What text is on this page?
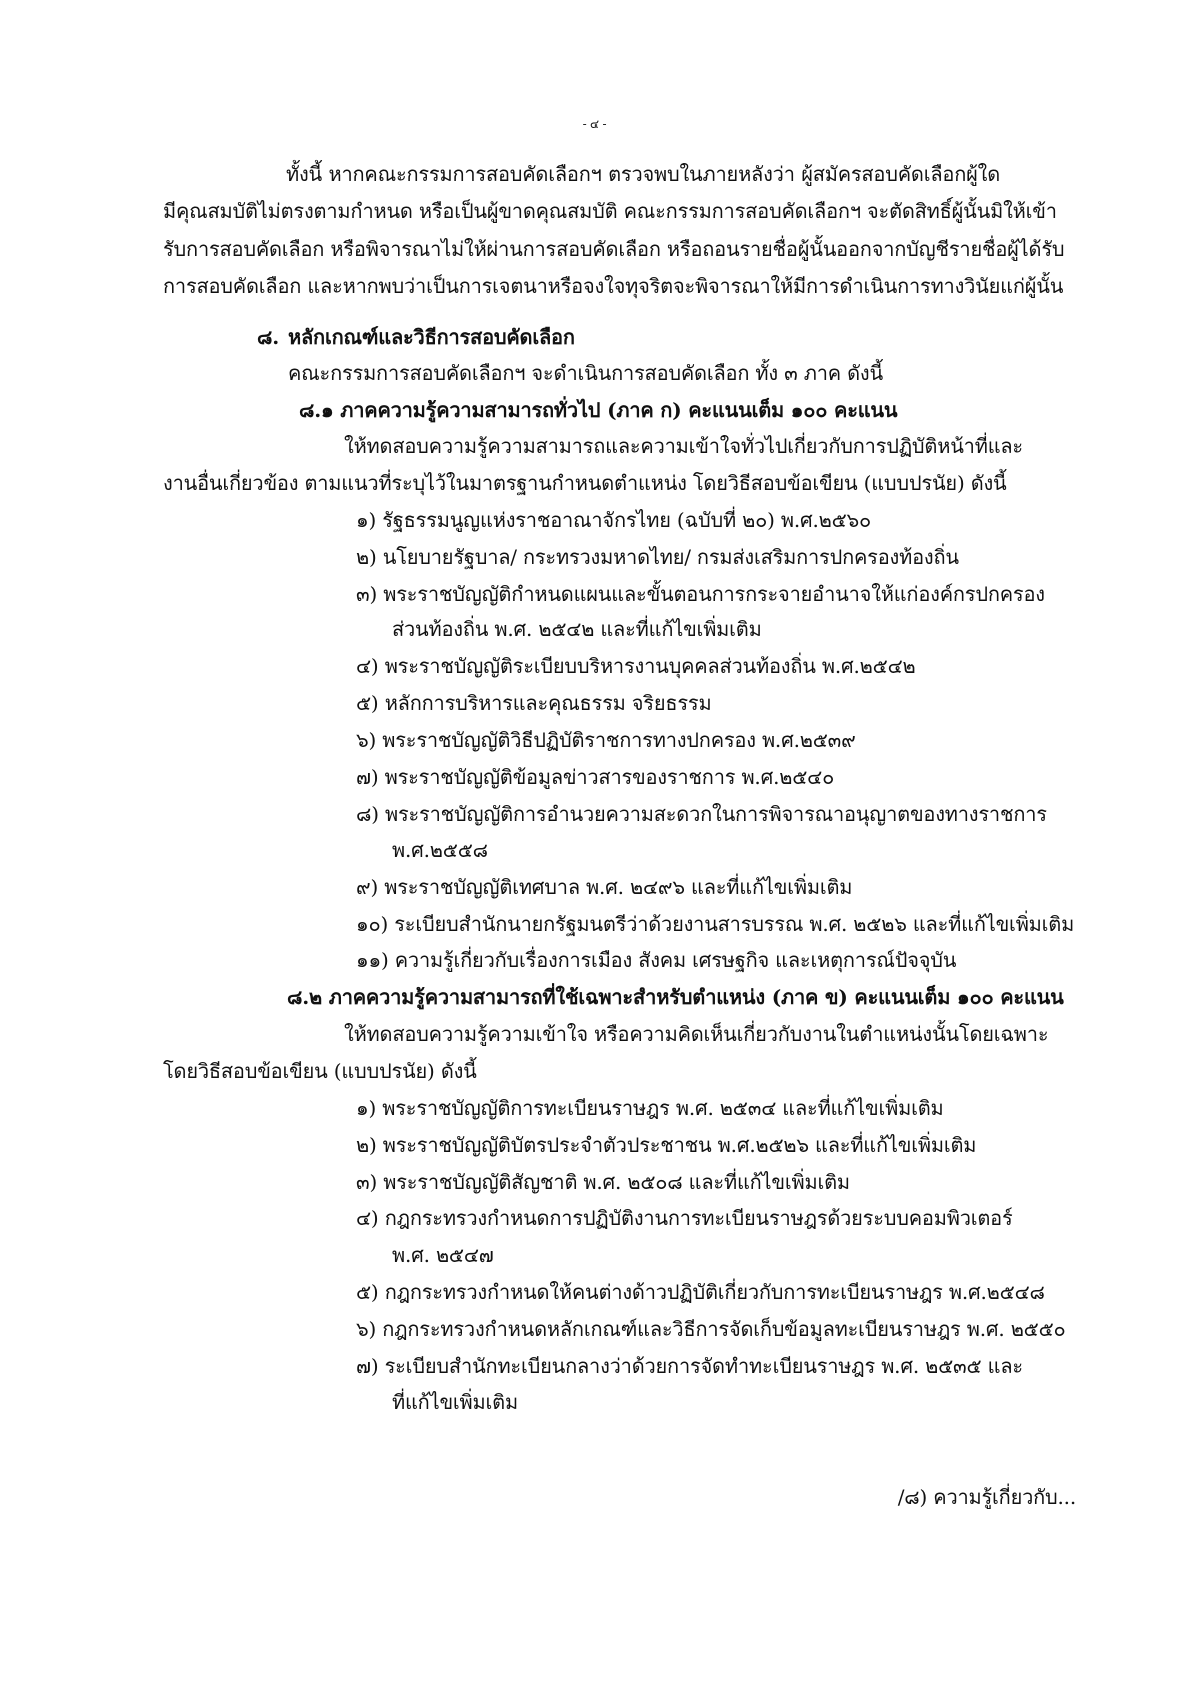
- ๔ -
ทั้งนี้ หากคณะกรรมการสอบคัดเลือกฯ ตรวจพบในภายหลังว่า ผู้สมัครสอบคัดเลือกผู้ใด
มีคุณสมบัติไม่ตรงตามกำหนด หรือเป็นผู้ขาดคุณสมบัติ คณะกรรมการสอบคัดเลือกฯ จะตัดสิทธิ์ผู้นั้นมิให้เข้า
รับการสอบคัดเลือก หรือพิจารณาไม่ให้ผ่านการสอบคัดเลือก หรือถอนรายชื่อผู้นั้นออกจากบัญชีรายชื่อผู้ได้รับ
การสอบคัดเลือก และหากพบว่าเป็นการเจตนาหรือจงใจทุจริตจะพิจารณาให้มีการดำเนินการทางวินัยแก่ผู้นั้น
๘. หลักเกณฑ์และวิธีการสอบคัดเลือก
คณะกรรมการสอบคัดเลือกฯ จะดำเนินการสอบคัดเลือก ทั้ง ๓ ภาค ดังนี้
๘.๑ ภาคความรู้ความสามารถทั่วไป (ภาค ก) คะแนนเต็ม ๑๐๐ คะแนน
ให้ทดสอบความรู้ความสามารถและความเข้าใจทั่วไปเกี่ยวกับการปฏิบัติหน้าที่และ
งานอื่นเกี่ยวข้อง ตามแนวที่ระบุไว้ในมาตรฐานกำหนดตำแหน่ง โดยวิธีสอบข้อเขียน (แบบปรนัย) ดังนี้
๑) รัฐธรรมนูญแห่งราชอาณาจักรไทย (ฉบับที่ ๒๐) พ.ศ.๒๕๖๐
๒) นโยบายรัฐบาล/ กระทรวงมหาดไทย/ กรมส่งเสริมการปกครองท้องถิ่น
๓) พระราชบัญญัติกำหนดแผนและขั้นตอนการกระจายอำนาจให้แก่องค์กรปกครอง
ส่วนท้องถิ่น พ.ศ. ๒๕๔๒ และที่แก้ไขเพิ่มเติม
๔) พระราชบัญญัติระเบียบบริหารงานบุคคลส่วนท้องถิ่น พ.ศ.๒๕๔๒
๕) หลักการบริหารและคุณธรรม จริยธรรม
๖) พระราชบัญญัติวิธีปฏิบัติราชการทางปกครอง พ.ศ.๒๕๓๙
๗) พระราชบัญญัติข้อมูลข่าวสารของราชการ พ.ศ.๒๕๔๐
๘) พระราชบัญญัติการอำนวยความสะดวกในการพิจารณาอนุญาตของทางราชการ
พ.ศ.๒๕๕๘
๙) พระราชบัญญัติเทศบาล พ.ศ. ๒๔๙๖ และที่แก้ไขเพิ่มเติม
๑๐) ระเบียบสำนักนายกรัฐมนตรีว่าด้วยงานสารบรรณ พ.ศ. ๒๕๒๖ และที่แก้ไขเพิ่มเติม
๑๑) ความรู้เกี่ยวกับเรื่องการเมือง สังคม เศรษฐกิจ และเหตุการณ์ปัจจุบัน
๘.๒ ภาคความรู้ความสามารถที่ใช้เฉพาะสำหรับตำแหน่ง (ภาค ข) คะแนนเต็ม ๑๐๐ คะแนน
ให้ทดสอบความรู้ความเข้าใจ หรือความคิดเห็นเกี่ยวกับงานในตำแหน่งนั้นโดยเฉพาะ
โดยวิธีสอบข้อเขียน (แบบปรนัย) ดังนี้
๑) พระราชบัญญัติการทะเบียนราษฎร พ.ศ. ๒๕๓๔ และที่แก้ไขเพิ่มเติม
๒) พระราชบัญญัติบัตรประจำตัวประชาชน พ.ศ.๒๕๒๖ และที่แก้ไขเพิ่มเติม
๓) พระราชบัญญัติสัญชาติ พ.ศ. ๒๕๐๘ และที่แก้ไขเพิ่มเติม
๔) กฎกระทรวงกำหนดการปฏิบัติงานการทะเบียนราษฎรด้วยระบบคอมพิวเตอร์
พ.ศ. ๒๕๔๗
๕) กฎกระทรวงกำหนดให้คนต่างด้าวปฏิบัติเกี่ยวกับการทะเบียนราษฎร พ.ศ.๒๕๔๘
๖) กฎกระทรวงกำหนดหลักเกณฑ์และวิธีการจัดเก็บข้อมูลทะเบียนราษฎร พ.ศ. ๒๕๕๐
๗) ระเบียบสำนักทะเบียนกลางว่าด้วยการจัดทำทะเบียนราษฎร พ.ศ. ๒๕๓๕ และ
ที่แก้ไขเพิ่มเติม
/๘) ความรู้เกี่ยวกับ...
